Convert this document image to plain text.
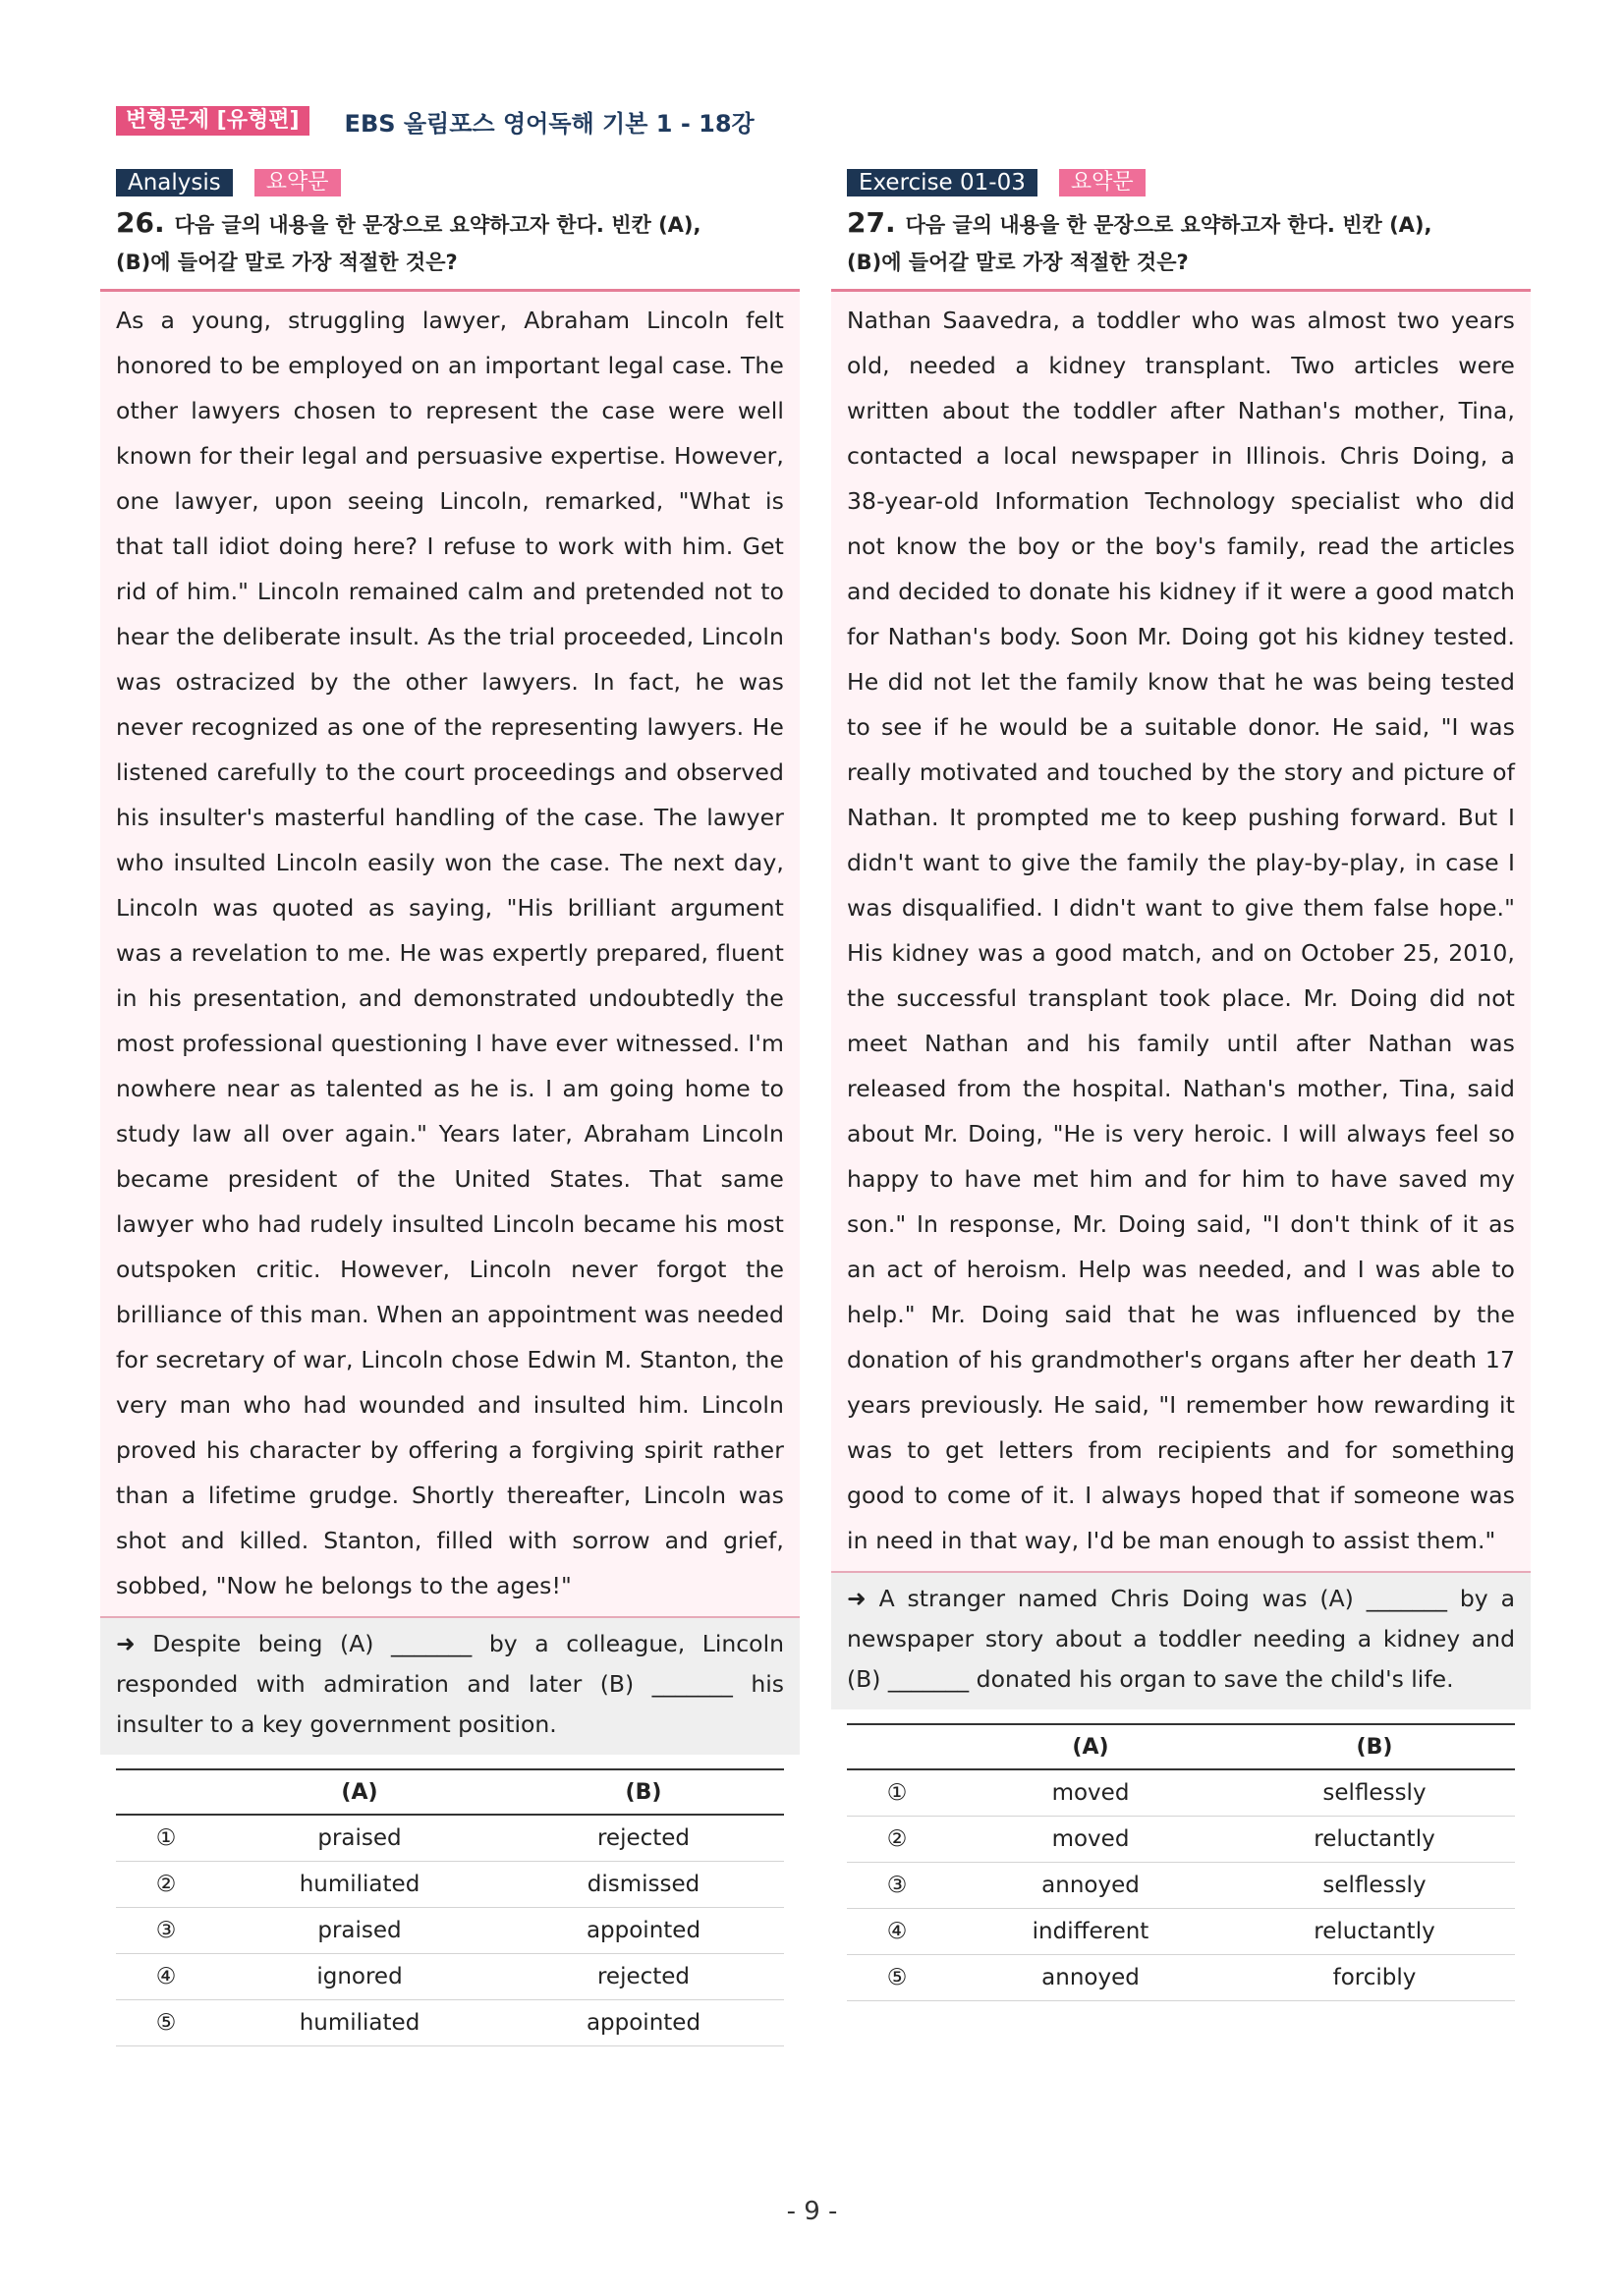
변형문제 [유형편]	EBS 올림포스 영어독해 기본 1 - 18강
Analysis	요약문
26. 다음 글의 내용을 한 문장으로 요약하고자 한다. 빈칸 (A),
(B)에 들어갈 말로 가장 적절한 것은?

As a young, struggling lawyer, Abraham Lincoln felt honored to be employed on an important legal case. The other lawyers chosen to represent the case were well known for their legal and persuasive expertise. However, one lawyer, upon seeing Lincoln, remarked, "What is that tall idiot doing here? I refuse to work with him. Get rid of him." Lincoln remained calm and pretended not to hear the deliberate insult. As the trial proceeded, Lincoln was ostracized by the other lawyers. In fact, he was never recognized as one of the representing lawyers. He listened carefully to the court proceedings and observed his insulter's masterful handling of the case. The lawyer who insulted Lincoln easily won the case. The next day, Lincoln was quoted as saying, "His brilliant argument was a revelation to me. He was expertly prepared, fluent in his presentation, and demonstrated undoubtedly the most professional questioning I have ever witnessed. I'm nowhere near as talented as he is. I am going home to study law all over again." Years later, Abraham Lincoln became president of the United States. That same lawyer who had rudely insulted Lincoln became his most outspoken critic. However, Lincoln never forgot the brilliance of this man. When an appointment was needed for secretary of war, Lincoln chose Edwin M. Stanton, the very man who had wounded and insulted him. Lincoln proved his character by offering a forgiving spirit rather than a lifetime grudge. Shortly thereafter, Lincoln was shot and killed. Stanton, filled with sorrow and grief, sobbed, "Now he belongs to the ages!"

➜ Despite being (A) _______ by a colleague, Lincoln responded with admiration and later (B) _______ his insulter to a key government position.

	(A)	(B)
①	praised	rejected
②	humiliated	dismissed
③	praised	appointed
④	ignored	rejected
⑤	humiliated	appointed
Exercise 01-03	요약문
27. 다음 글의 내용을 한 문장으로 요약하고자 한다. 빈칸 (A),
(B)에 들어갈 말로 가장 적절한 것은?

Nathan Saavedra, a toddler who was almost two years old, needed a kidney transplant. Two articles were written about the toddler after Nathan's mother, Tina, contacted a local newspaper in Illinois. Chris Doing, a 38-year-old Information Technology specialist who did not know the boy or the boy's family, read the articles and decided to donate his kidney if it were a good match for Nathan's body. Soon Mr. Doing got his kidney tested. He did not let the family know that he was being tested to see if he would be a suitable donor. He said, "I was really motivated and touched by the story and picture of Nathan. It prompted me to keep pushing forward. But I didn't want to give the family the play-by-play, in case I was disqualified. I didn't want to give them false hope." His kidney was a good match, and on October 25, 2010, the successful transplant took place. Mr. Doing did not meet Nathan and his family until after Nathan was released from the hospital. Nathan's mother, Tina, said about Mr. Doing, "He is very heroic. I will always feel so happy to have met him and for him to have saved my son." In response, Mr. Doing said, "I don't think of it as an act of heroism. Help was needed, and I was able to help." Mr. Doing said that he was influenced by the donation of his grandmother's organs after her death 17 years previously. He said, "I remember how rewarding it was to get letters from recipients and for something good to come of it. I always hoped that if someone was in need in that way, I'd be man enough to assist them."

➜ A stranger named Chris Doing was (A) _______ by a newspaper story about a toddler needing a kidney and (B) _______ donated his organ to save the child's life.

	(A)	(B)
①	moved	selflessly
②	moved	reluctantly
③	annoyed	selflessly
④	indifferent	reluctantly
⑤	annoyed	forcibly
- 9 -
